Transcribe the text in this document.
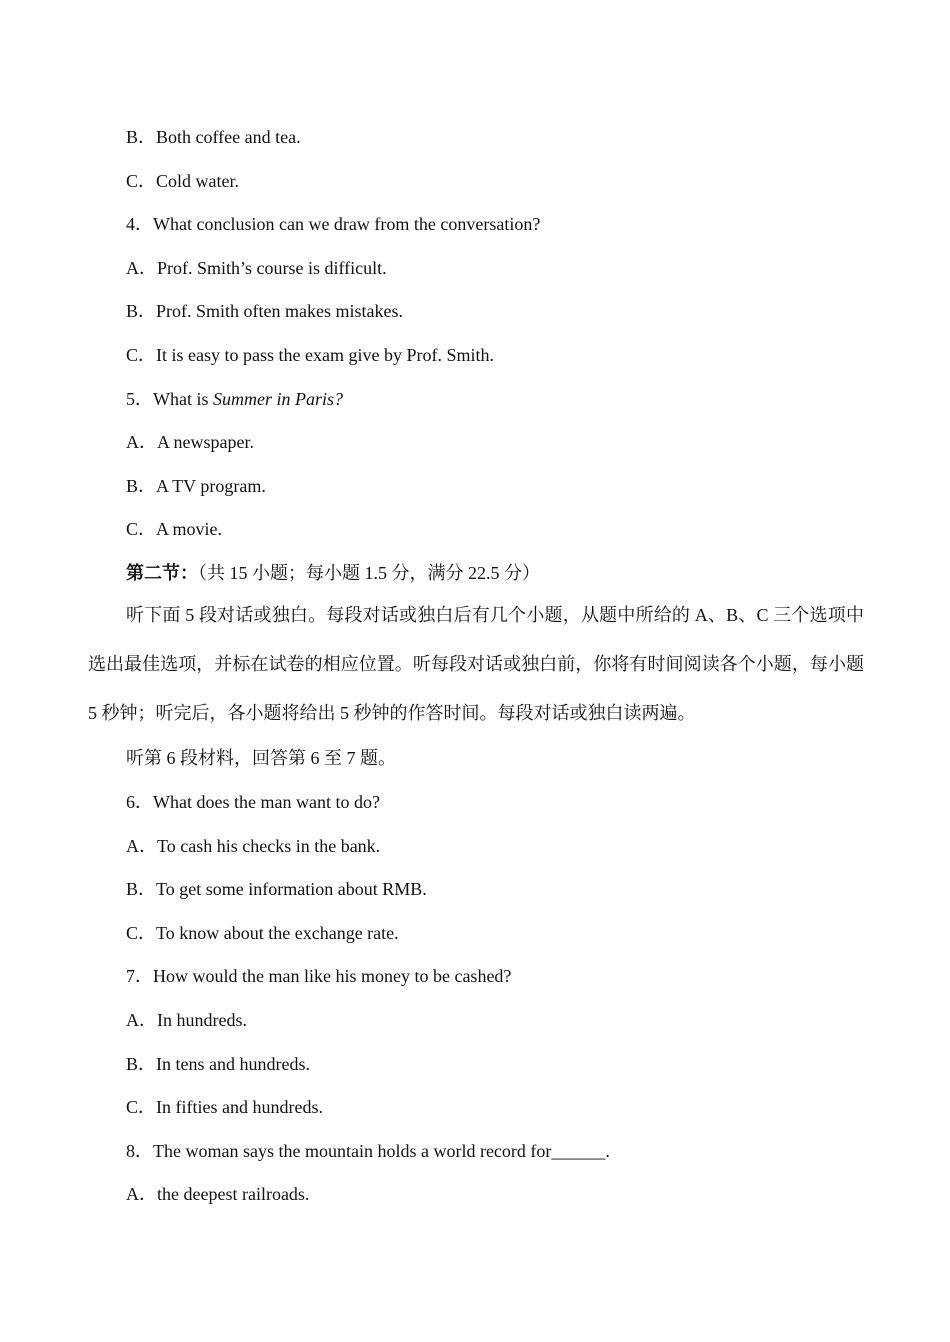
B．Both coffee and tea.
C．Cold water.
4．What conclusion can we draw from the conversation?
A．Prof. Smith’s course is difficult.
B．Prof. Smith often makes mistakes.
C．It is easy to pass the exam give by Prof. Smith.
5．What is Summer in Paris?
A．A newspaper.
B．A TV program.
C．A movie.
第二节：（共 15 小题；每小题 1.5 分，满分 22.5 分）
听下面 5 段对话或独白。每段对话或独白后有几个小题，从题中所给的 A、B、C 三个选项中选出最佳选项，并标在试卷的相应位置。听每段对话或独白前，你将有时间阅读各个小题，每小题 5 秒钟；听完后，各小题将给出 5 秒钟的作答时间。每段对话或独白读两遍。
听第 6 段材料，回答第 6 至 7 题。
6．What does the man want to do?
A．To cash his checks in the bank.
B．To get some information about RMB.
C．To know about the exchange rate.
7．How would the man like his money to be cashed?
A．In hundreds.
B．In tens and hundreds.
C．In fifties and hundreds.
8．The woman says the mountain holds a world record for______.
A．the deepest railroads.
